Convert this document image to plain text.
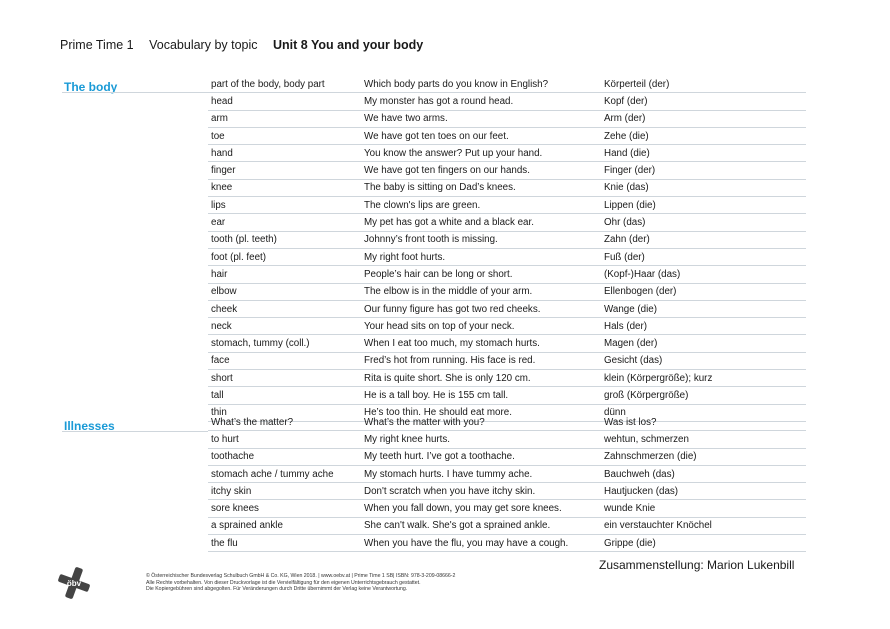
Prime Time 1 Vocabulary by topic Unit 8 You and your body
The body	part of the body, body part	Which body parts do you know in English?	Körperteil (der)
head	My monster has got a round head.	Kopf (der)
arm	We have two arms.	Arm (der)
toe	We have got ten toes on our feet.	Zehe (die)
hand	You know the answer? Put up your hand.	Hand (die)
finger	We have got ten fingers on our hands.	Finger (der)
knee	The baby is sitting on Dad’s knees.	Knie (das)
lips	The clown's lips are green.	Lippen (die)
ear	My pet has got a white and a black ear.	Ohr (das)
tooth (pl. teeth)	Johnny’s front tooth is missing.	Zahn (der)
foot (pl. feet)	My right foot hurts.	Fuß (der)
hair	People’s hair can be long or short.	(Kopf-)Haar (das)
elbow	The elbow is in the middle of your arm.	Ellenbogen (der)
cheek	Our funny figure has got two red cheeks.	Wange (die)
neck	Your head sits on top of your neck.	Hals (der)
stomach, tummy (coll.)	When I eat too much, my stomach hurts.	Magen (der)
face	Fred’s hot from running. His face is red.	Gesicht (das)
short	Rita is quite short. She is only 120 cm.	klein (Körpergröße); kurz
tall	He is a tall boy. He is 155 cm tall.	groß (Körpergröße)
thin	He’s too thin. He should eat more.	dünn
Illnesses	What’s the matter?	What’s the matter with you?	Was ist los?
to hurt	My right knee hurts.	wehtun, schmerzen
toothache	My teeth hurt. I’ve got a toothache.	Zahnschmerzen (die)
stomach ache / tummy ache	My stomach hurts. I have tummy ache.	Bauchweh (das)
itchy skin	Don't scratch when you have itchy skin.	Hautjucken (das)
sore knees	When you fall down, you may get sore knees.	wunde Knie
a sprained ankle	She can't walk. She's got a sprained ankle.	ein verstauchter Knöchel
the flu	When you have the flu, you may have a cough.	Grippe (die)
Zusammenstellung: Marion Lukenbill
öbv
© Österreichischer Bundesverlag Schulbuch GmbH & Co. KG, Wien 2018. | www.oebv.at | Prime Time 1 SB| ISBN: 978-3-209-08666-2
Alle Rechte vorbehalten. Von dieser Druckvorlage ist die Vervielfältigung für den eigenen Unterrichtsgebrauch gestattet.
Die Kopiergebühren sind abgegolten. Für Veränderungen durch Dritte übernimmt der Verlag keine Verantwortung.
